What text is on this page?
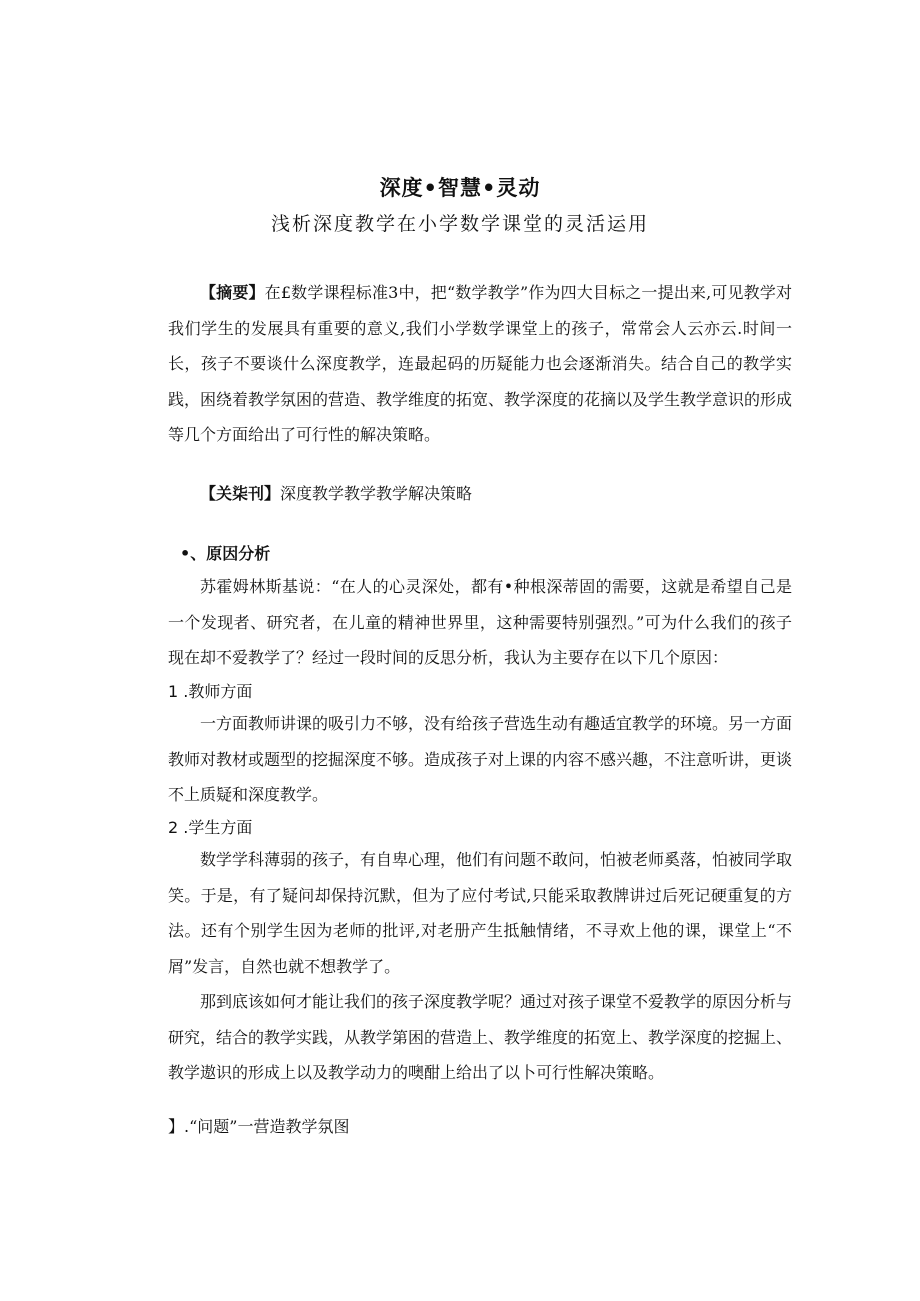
深度•智慧•灵动
浅析深度教学在小学数学课堂的灵活运用

【摘要】在£数学课程标准3中，把“数学教学”作为四大目标之一提出来,可见教学对我们学生的发展具有重要的意义,我们小学数学课堂上的孩子，常常会人云亦云.时间一长，孩子不要谈什么深度教学，连最起码的历疑能力也会逐渐消失。结合自己的教学实践，困绕着教学氛困的营造、教学维度的拓宽、教学深度的花摘以及学生教学意识的形成等几个方面给出了可行性的解决策略。

【关柒刊】深度教学教学教学解决策略

•、原因分析

苏霍姆林斯基说：“在人的心灵深处，都有•种根深蒂固的需要，这就是希望自己是一个发现者、研究者，在儿童的精神世界里，这种需要特别强烈。”可为什么我们的孩子现在却不爱教学了？经过一段时间的反思分析，我认为主要存在以下几个原因：

1 .教师方面

一方面教师讲课的吸引力不够，没有给孩子营选生动有趣适宜教学的环境。另一方面教师对教材或题型的挖掘深度不够。造成孩子对上课的内容不感兴趣，不注意听讲，更谈不上质疑和深度教学。

2 .学生方面

数学学科薄弱的孩子，有自卑心理，他们有问题不敢问，怕被老师奚落，怕被同学取笑。于是，有了疑问却保持沉默，但为了应付考试,只能采取教牌讲过后死记硬重复的方法。还有个别学生因为老师的批评,对老册产生抵触情绪，不寻欢上他的课，课堂上“不屑”发言，自然也就不想教学了。

那到底该如何才能让我们的孩子深度教学呢？通过对孩子课堂不爱教学的原因分析与研究，结合的教学实践，从教学第困的营造上、教学维度的拓宽上、教学深度的挖掘上、教学遨识的形成上以及教学动力的噢酣上给出了以卜可行性解决策略。

】.“问题”一营造教学氛图
